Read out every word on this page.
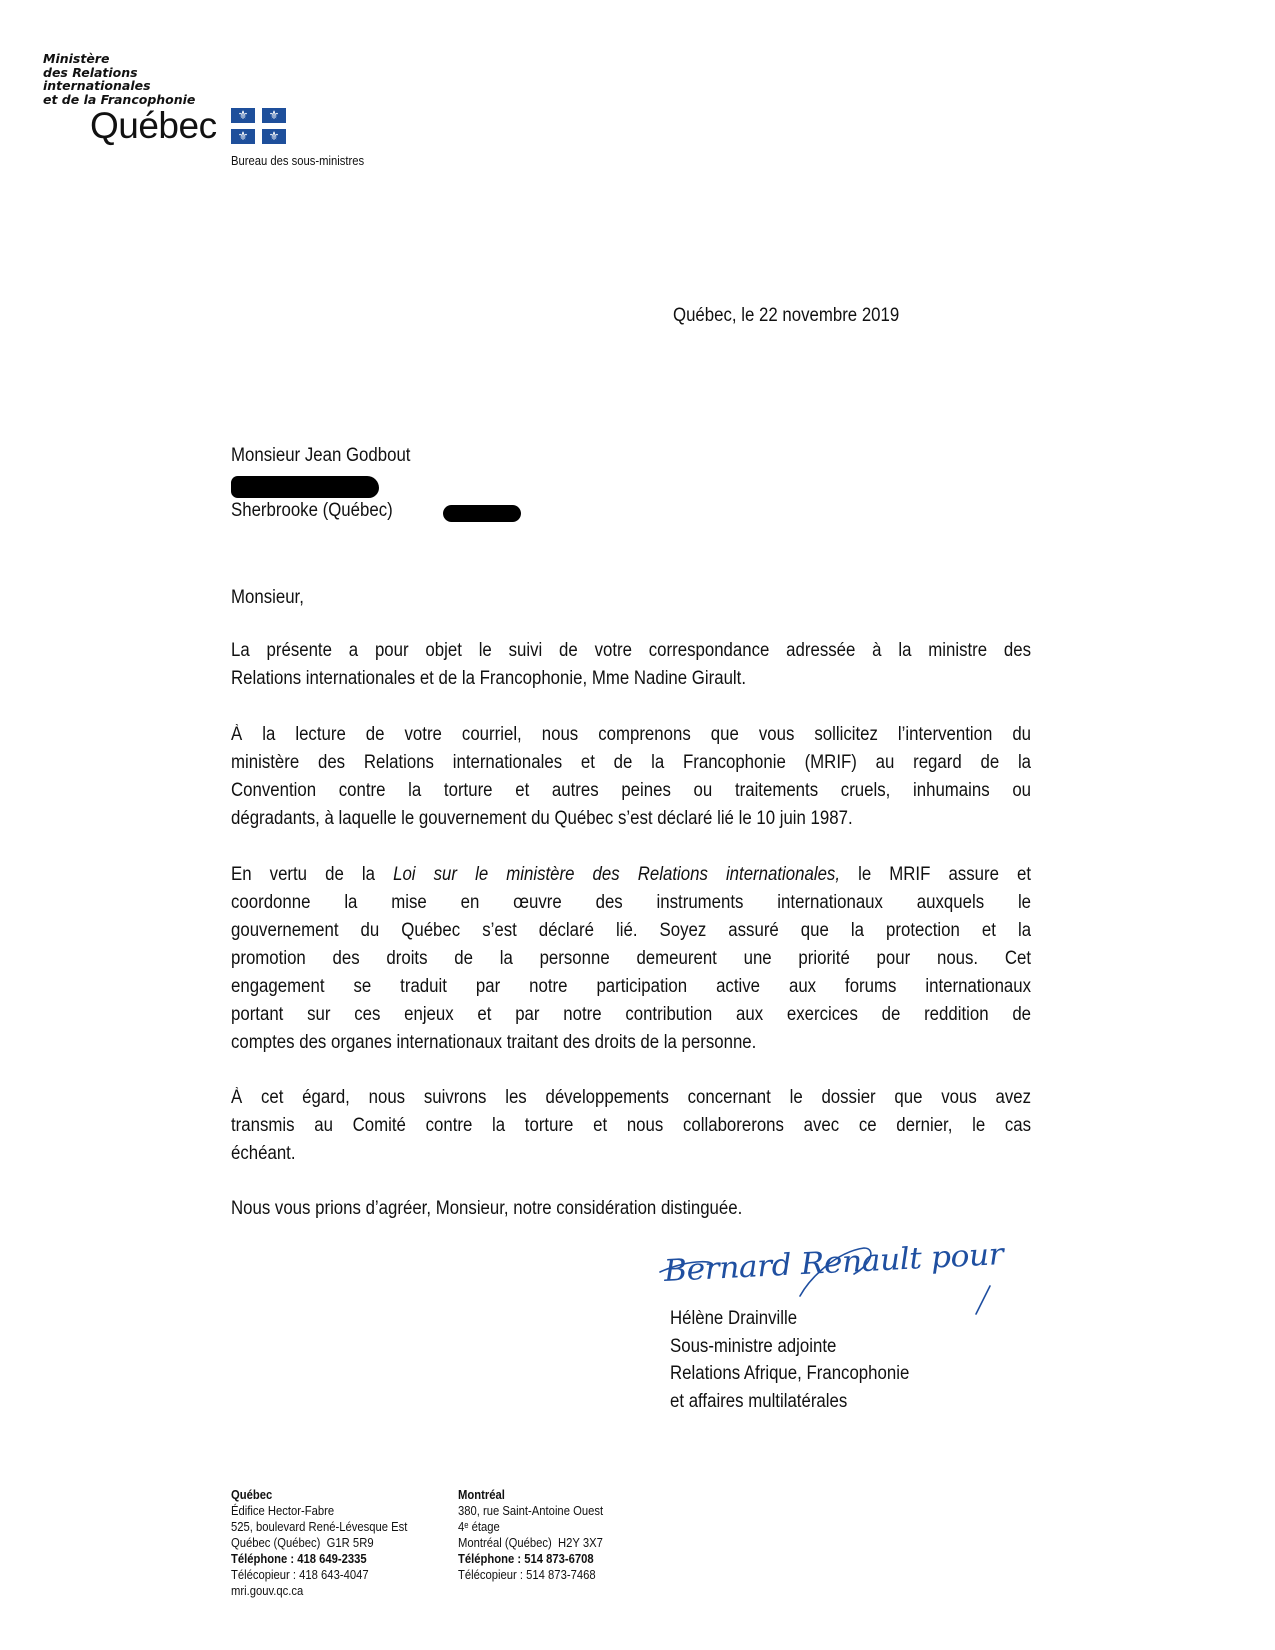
Ministère
des Relations
internationales
et de la Francophonie
Québec	⚜	⚜
⚜	⚜
Bureau des sous-ministres
Québec, le 22 novembre 2019
Monsieur Jean Godbout
Sherbrooke (Québec)
Monsieur,
La présente a pour objet le suivi de votre correspondance adressée à la ministre des
Relations internationales et de la Francophonie, Mme Nadine Girault.
À la lecture de votre courriel, nous comprenons que vous sollicitez l’intervention du
ministère des Relations internationales et de la Francophonie (MRIF) au regard de la
Convention contre la torture et autres peines ou traitements cruels, inhumains ou
dégradants, à laquelle le gouvernement du Québec s’est déclaré lié le 10 juin 1987.
En vertu de la Loi sur le ministère des Relations internationales, le MRIF assure et
coordonne la mise en œuvre des instruments internationaux auxquels le
gouvernement du Québec s’est déclaré lié. Soyez assuré que la protection et la
promotion des droits de la personne demeurent une priorité pour nous. Cet
engagement se traduit par notre participation active aux forums internationaux
portant sur ces enjeux et par notre contribution aux exercices de reddition de
comptes des organes internationaux traitant des droits de la personne.
À cet égard, nous suivrons les développements concernant le dossier que vous avez
transmis au Comité contre la torture et nous collaborerons avec ce dernier, le cas
échéant.
Nous vous prions d’agréer, Monsieur, notre considération distinguée.
Bernard Renault pour
Hélène Drainville
Sous-ministre adjointe
Relations Afrique, Francophonie
et affaires multilatérales
Québec
Édifice Hector-Fabre
525, boulevard René-Lévesque Est
Québec (Québec)  G1R 5R9
Téléphone : 418 649-2335
Télécopieur : 418 643-4047
mri.gouv.qc.ca
Montréal
380, rue Saint-Antoine Ouest
4ᵉ étage
Montréal (Québec)  H2Y 3X7
Téléphone : 514 873-6708
Télécopieur : 514 873-7468
